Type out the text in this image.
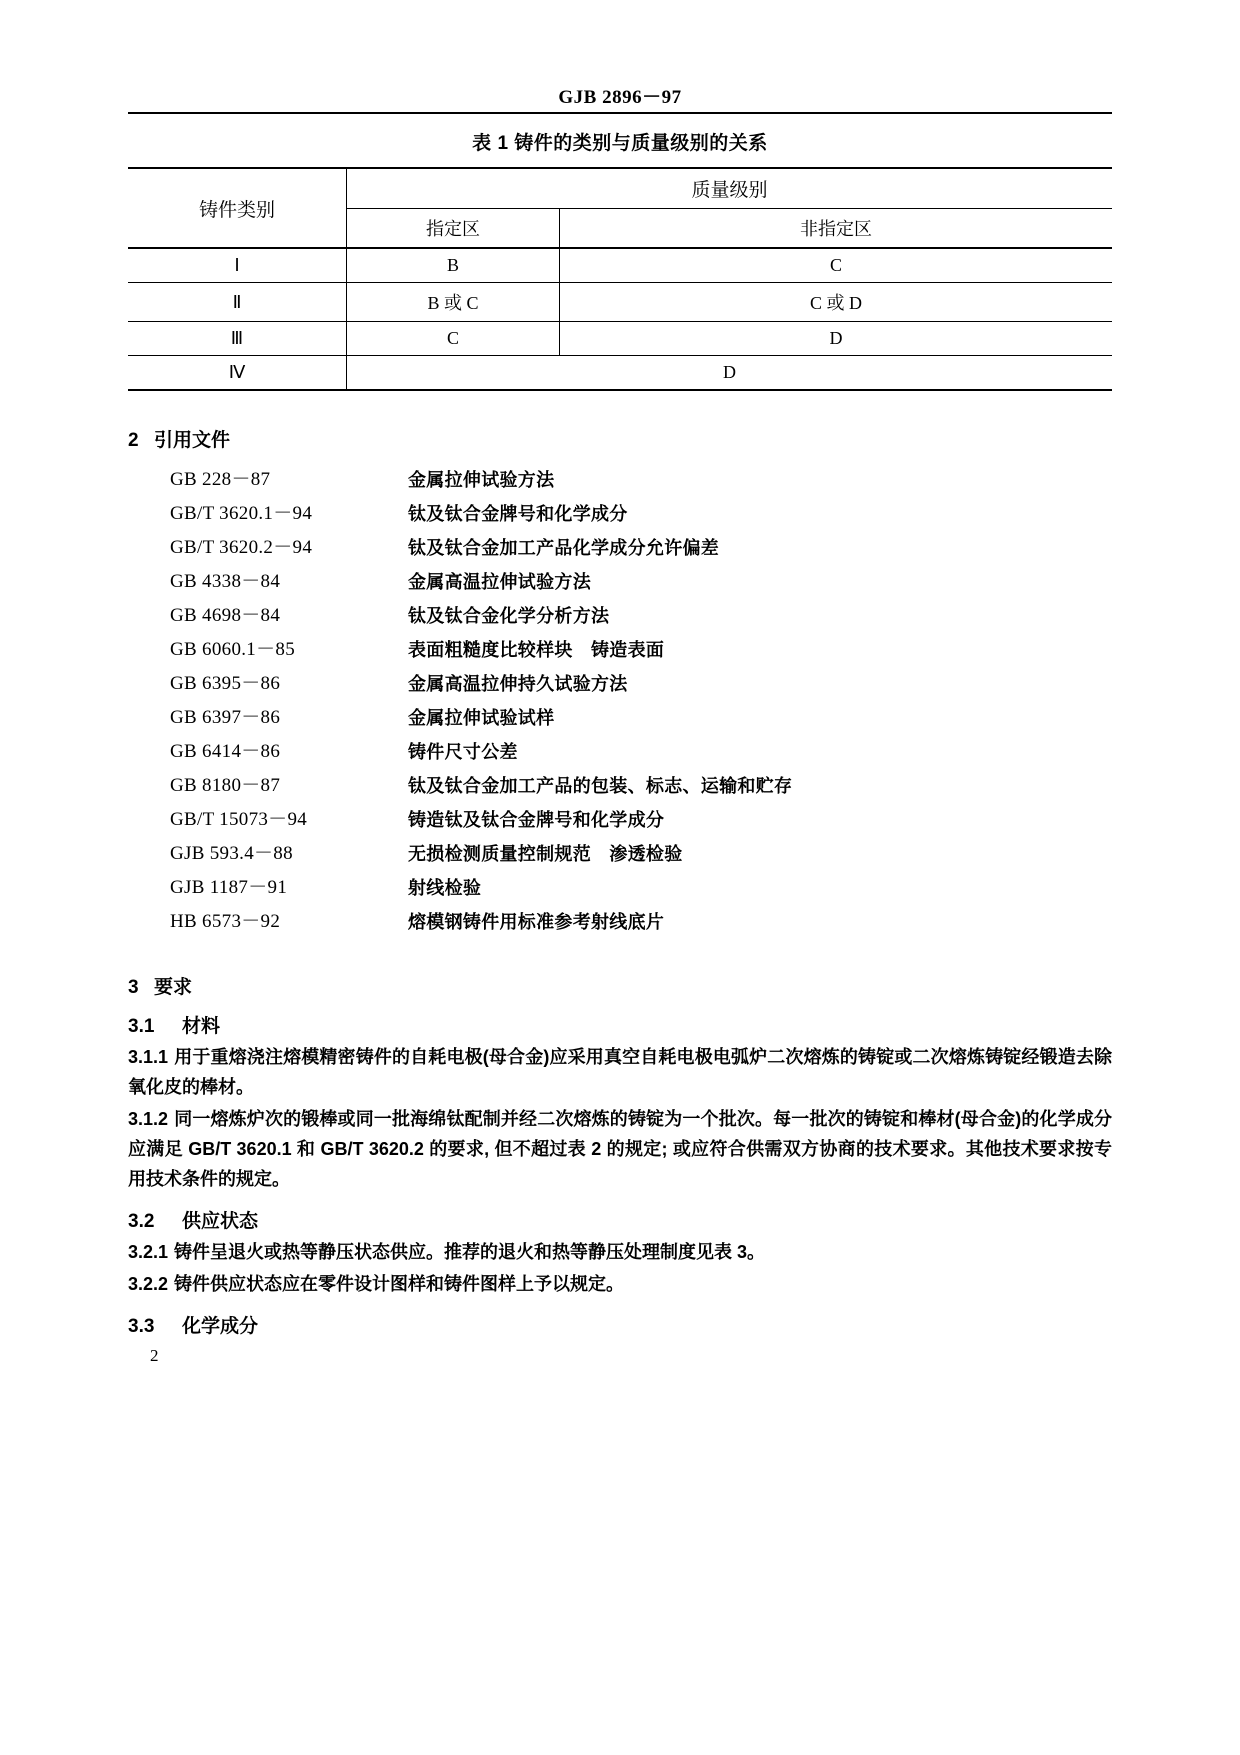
GJB 2896－97
表 1 铸件的类别与质量级别的关系
铸件类别	质量级别	
	指定区	非指定区
Ⅰ	B	C
Ⅱ	B 或 C	C 或 D
Ⅲ	C	D
Ⅳ	D	
2 引用文件
GB 228－87	金属拉伸试验方法
GB/T 3620.1－94	钛及钛合金牌号和化学成分
GB/T 3620.2－94	钛及钛合金加工产品化学成分允许偏差
GB 4338－84	金属高温拉伸试验方法
GB 4698－84	钛及钛合金化学分析方法
GB 6060.1－85	表面粗糙度比较样块　铸造表面
GB 6395－86	金属高温拉伸持久试验方法
GB 6397－86	金属拉伸试验试样
GB 6414－86	铸件尺寸公差
GB 8180－87	钛及钛合金加工产品的包装、标志、运输和贮存
GB/T 15073－94	铸造钛及钛合金牌号和化学成分
GJB 593.4－88	无损检测质量控制规范　渗透检验
GJB 1187－91	射线检验
HB 6573－92	熔模钢铸件用标准参考射线底片
3 要求
3.1 材料
3.1.1 用于重熔浇注熔模精密铸件的自耗电极(母合金)应采用真空自耗电极电弧炉二次熔炼的铸锭或二次熔炼铸锭经锻造去除氧化皮的棒材。
3.1.2 同一熔炼炉次的锻棒或同一批海绵钛配制并经二次熔炼的铸锭为一个批次。每一批次的铸锭和棒材(母合金)的化学成分应满足 GB/T 3620.1 和 GB/T 3620.2 的要求, 但不超过表 2 的规定; 或应符合供需双方协商的技术要求。其他技术要求按专用技术条件的规定。
3.2 供应状态
3.2.1 铸件呈退火或热等静压状态供应。推荐的退火和热等静压处理制度见表 3。
3.2.2 铸件供应状态应在零件设计图样和铸件图样上予以规定。
3.3 化学成分
2
